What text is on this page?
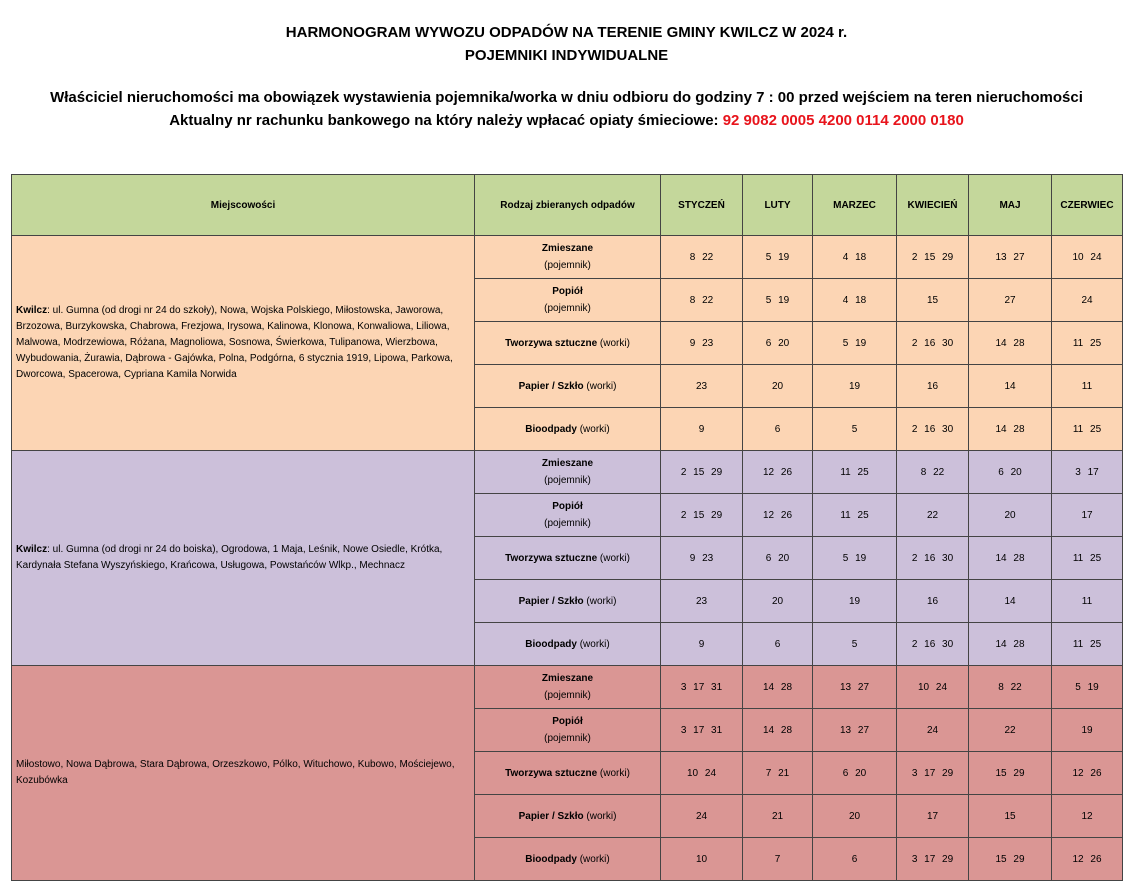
HARMONOGRAM WYWOZU ODPADÓW NA TERENIE GMINY KWILCZ W 2024 r.
POJEMNIKI INDYWIDUALNE
Właściciel nieruchomości ma obowiązek wystawienia pojemnika/worka w dniu odbioru do godziny 7 : 00 przed wejściem na teren nieruchomości
Aktualny nr rachunku bankowego na który należy wpłacać opiaty śmieciowe: 92 9082 0005 4200 0114 2000 0180
Miejscowości	Rodzaj zbieranych odpadów	STYCZEŃ	LUTY	MARZEC	KWIECIEŃ	MAJ	CZERWIEC
Kwilcz: ul. Gumna (od drogi nr 24 do szkoły), Nowa, Wojska Polskiego, Miłostowska, Jaworowa, Brzozowa, Burzykowska, Chabrowa, Frezjowa, Irysowa, Kalinowa, Klonowa, Konwaliowa, Liliowa, Malwowa, Modrzewiowa, Różana, Magnoliowa, Sosnowa, Świerkowa, Tulipanowa, Wierzbowa, Wybudowania, Żurawia, Dąbrowa - Gajówka, Polna, Podgórna, 6 stycznia 1919, Lipowa, Parkowa, Dworcowa, Spacerowa, Cypriana Kamila Norwida	Zmieszane
(pojemnik)	8 22	5 19	4 18	2 15 29	13 27	10 24
	Popiół
(pojemnik)	8 22	5 19	4 18	15	27	24
	Tworzywa sztuczne (worki)	9 23	6 20	5 19	2 16 30	14 28	11 25
	Papier / Szkło (worki)	23	20	19	16	14	11
	Bioodpady (worki)	9	6	5	2 16 30	14 28	11 25
Kwilcz: ul. Gumna (od drogi nr 24 do boiska), Ogrodowa, 1 Maja, Leśnik, Nowe Osiedle, Krótka, Kardynała Stefana Wyszyńskiego, Krańcowa, Usługowa, Powstańców Wlkp., Mechnacz	Zmieszane
(pojemnik)	2 15 29	12 26	11 25	8 22	6 20	3 17
	Popiół
(pojemnik)	2 15 29	12 26	11 25	22	20	17
	Tworzywa sztuczne (worki)	9 23	6 20	5 19	2 16 30	14 28	11 25
	Papier / Szkło (worki)	23	20	19	16	14	11
	Bioodpady (worki)	9	6	5	2 16 30	14 28	11 25
Miłostowo, Nowa Dąbrowa, Stara Dąbrowa, Orzeszkowo, Pólko, Wituchowo, Kubowo, Mościejewo, Kozubówka	Zmieszane
(pojemnik)	3 17 31	14 28	13 27	10 24	8 22	5 19
	Popiół
(pojemnik)	3 17 31	14 28	13 27	24	22	19
	Tworzywa sztuczne (worki)	10 24	7 21	6 20	3 17 29	15 29	12 26
	Papier / Szkło (worki)	24	21	20	17	15	12
	Bioodpady (worki)	10	7	6	3 17 29	15 29	12 26
